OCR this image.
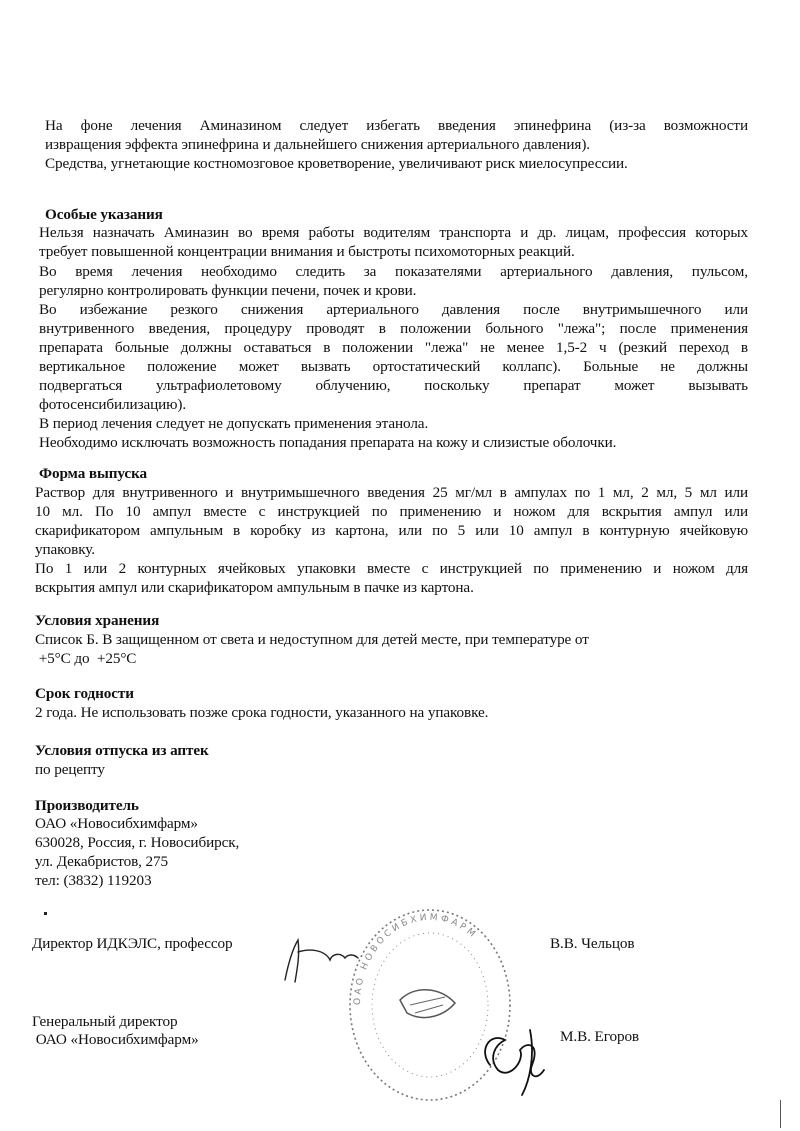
На фоне лечения Аминазином следует избегать введения эпинефрина (из-за возможности
извращения эффекта эпинефрина и дальнейшего снижения артериального давления).
Средства, угнетающие костномозговое кроветворение, увеличивают риск миелосупрессии.
Особые указания
Нельзя назначать Аминазин во время работы водителям транспорта и др. лицам, профессия которых
требует повышенной концентрации внимания и быстроты психомоторных реакций.
Во время лечения необходимо следить за показателями артериального давления, пульсом,
регулярно контролировать функции печени, почек и крови.
Во избежание резкого снижения артериального давления после внутримышечного или
внутривенного введения, процедуру проводят в положении больного "лежа"; после применения
препарата больные должны оставаться в положении "лежа" не менее 1,5-2 ч (резкий переход в
вертикальное положение может вызвать ортостатический коллапс). Больные не должны
подвергаться ультрафиолетовому облучению, поскольку препарат может вызывать
фотосенсибилизацию).
В период лечения следует не допускать применения этанола.
Необходимо исключать возможность попадания препарата на кожу и слизистые оболочки.
Форма выпуска
Раствор для внутривенного и внутримышечного введения 25 мг/мл в ампулах по 1 мл, 2 мл, 5 мл или
10 мл. По 10 ампул вместе с инструкцией по применению и ножом для вскрытия ампул или
скарификатором ампульным в коробку из картона, или по 5 или 10 ампул в контурную ячейковую
упаковку.
По 1 или 2 контурных ячейковых упаковки вместе с инструкцией по применению и ножом для
вскрытия ампул или скарификатором ампульным в пачке из картона.
Условия хранения
Список Б. В защищенном от света и недоступном для детей месте, при температуре от
+5°С до  +25°С
Срок годности
2 года. Не использовать позже срока годности, указанного на упаковке.
Условия отпуска из аптек
по рецепту
Производитель
ОАО «Новосибхимфарм»
630028, Россия, г. Новосибирск,
ул. Декабристов, 275
тел: (3832) 119203
Директор ИДКЭЛС, профессор	В.В. Чельцов
Генеральный директор
ОАО «Новосибхимфарм»	М.В. Егоров
ОАО НОВОСИБХИМФАРМ
